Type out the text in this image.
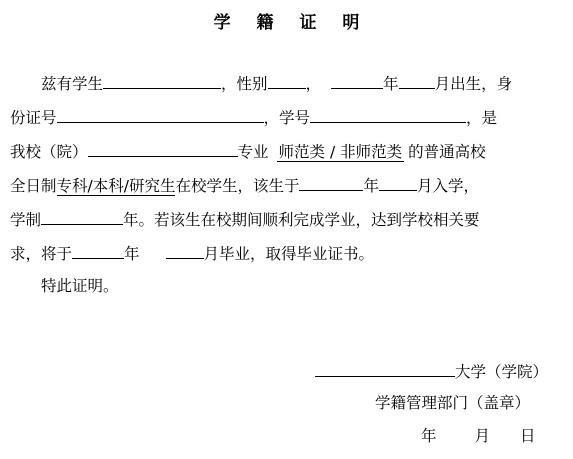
学 籍 证 明
兹有学生	，性别 ，	年 月出生，身
份证号	，学号	，是
我校（院）	专业 师范类 / 非师范类 的普通高校
全日制专科/本科/研究生在校学生，该生于	年 月入学，
学制	年。若该生在校期间顺利完成学业，达到学校相关要
求，将于	年	月毕业，取得毕业证书。
特此证明。
大学（学院）
学籍管理部门（盖章）
年 月 日
